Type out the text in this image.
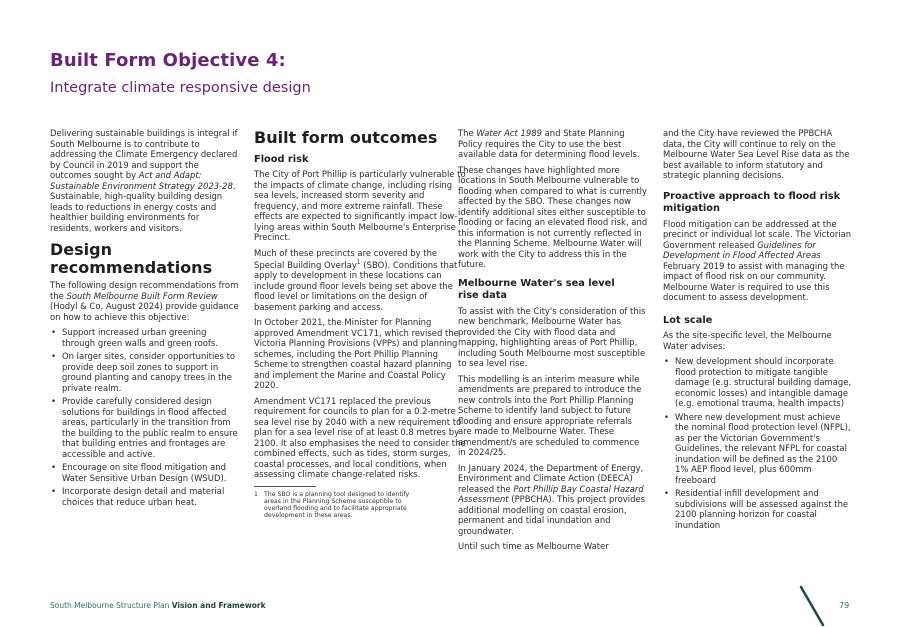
Built Form Objective 4:
Integrate climate responsive design

Delivering sustainable buildings is integral if South Melbourne is to contribute to addressing the Climate Emergency declared by Council in 2019 and support the outcomes sought by Act and Adapt: Sustainable Environment Strategy 2023-28. Sustainable, high-quality building design leads to reductions in energy costs and healthier building environments for residents, workers and visitors.

Design recommendations

The following design recommendations from the South Melbourne Built Form Review (Hodyl & Co, August 2024) provide guidance on how to achieve this objective:

• Support increased urban greening through green walls and green roofs.
• On larger sites, consider opportunities to provide deep soil zones to support in ground planting and canopy trees in the private realm.
• Provide carefully considered design solutions for buildings in flood affected areas, particularly in the transition from the building to the public realm to ensure that building entries and frontages are accessible and active.
• Encourage on site flood mitigation and Water Sensitive Urban Design (WSUD).
• Incorporate design detail and material choices that reduce urban heat.
Built form outcomes
Flood risk

The City of Port Phillip is particularly vulnerable to the impacts of climate change, including rising sea levels, increased storm severity and frequency, and more extreme rainfall. These effects are expected to significantly impact low-lying areas within South Melbourne's Enterprise Precinct.

Much of these precincts are covered by the Special Building Overlay$^1$ (SBO). Conditions that apply to development in these locations can include ground floor levels being set above the flood level or limitations on the design of basement parking and access.

In October 2021, the Minister for Planning approved Amendment VC171, which revised the Victoria Planning Provisions (VPPs) and planning schemes, including the Port Phillip Planning Scheme to strengthen coastal hazard planning and implement the Marine and Coastal Policy 2020.

Amendment VC171 replaced the previous requirement for councils to plan for a 0.2-metre sea level rise by 2040 with a new requirement to plan for a sea level rise of at least 0.8 metres by 2100. It also emphasises the need to consider the combined effects, such as tides, storm surges, coastal processes, and local conditions, when assessing climate change-related risks.

1 The SBO is a planning tool designed to identify areas in the Planning Scheme susceptible to overland flooding and to facilitate appropriate development in these areas.

The Water Act 1989 and State Planning Policy requires the City to use the best available data for determining flood levels.

These changes have highlighted more locations in South Melbourne vulnerable to flooding when compared to what is currently affected by the SBO. These changes now identify additional sites either susceptible to flooding or facing an elevated flood risk, and this information is not currently reflected in the Planning Scheme. Melbourne Water will work with the City to address this in the future.

Melbourne Water's sea level rise data

To assist with the City's consideration of this new benchmark, Melbourne Water has provided the City with flood data and mapping, highlighting areas of Port Phillip, including South Melbourne most susceptible to sea level rise.

This modelling is an interim measure while amendments are prepared to introduce the new controls into the Port Phillip Planning Scheme to identify land subject to future flooding and ensure appropriate referrals are made to Melbourne Water. These amendment/s are scheduled to commence in 2024/25.

In January 2024, the Department of Energy, Environment and Climate Action (DEECA) released the Port Phillip Bay Coastal Hazard Assessment (PPBCHA). This project provides additional modelling on coastal erosion, permanent and tidal inundation and groundwater.

Until such time as Melbourne Water

and the City have reviewed the PPBCHA data, the City will continue to rely on the Melbourne Water Sea Level Rise data as the best available to inform statutory and strategic planning decisions.

Proactive approach to flood risk mitigation

Flood mitigation can be addressed at the precinct or individual lot scale. The Victorian Government released Guidelines for Development in Flood Affected Areas February 2019 to assist with managing the impact of flood risk on our community. Melbourne Water is required to use this document to assess development.

Lot scale

As the site-specific level, the Melbourne Water advises:

• New development should incorporate flood protection to mitigate tangible damage (e.g. structural building damage, economic losses) and intangible damage (e.g. emotional trauma, health impacts)
• Where new development must achieve the nominal flood protection level (NFPL), as per the Victorian Government's Guidelines, the relevant NFPL for coastal inundation will be defined as the 2100 1% AEP flood level, plus 600mm freeboard
• Residential infill development and subdivisions will be assessed against the 2100 planning horizon for coastal inundation
South Melbourne Structure Plan Vision and Framework	79
